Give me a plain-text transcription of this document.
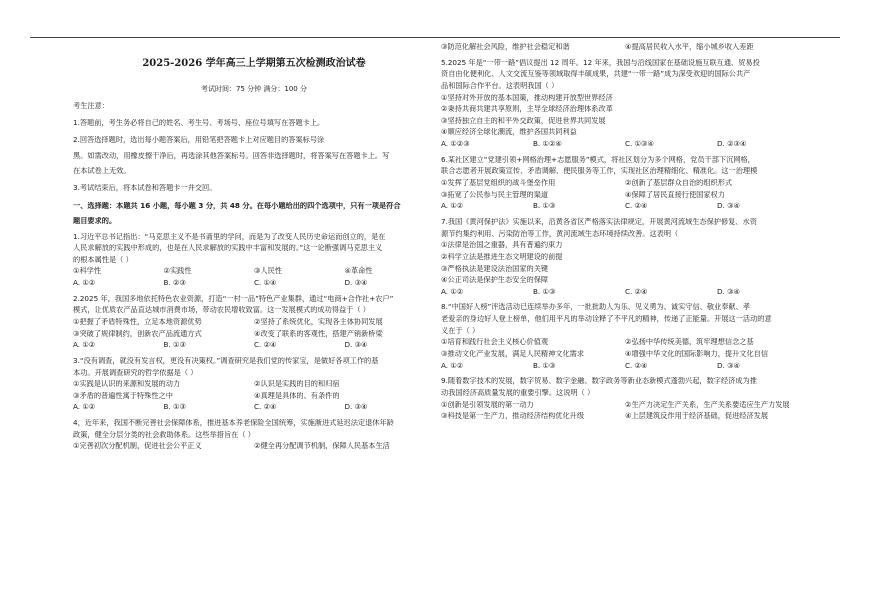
2025-2026 学年高三上学期第五次检测政治试卷
考试时间：75 分钟 满分：100 分

考生注意：

1.答题前，考生务必将自己的姓名、考生号、考场号、座位号填写在答题卡上。

2.回答选择题时，选出每小题答案后，用铅笔把答题卡上对应题目的答案标号涂

黑。如需改动，用橡皮擦干净后，再选涂其他答案标号。回答非选择题时，将答案写在答题卡上。写

在本试卷上无效。

3.考试结束后，将本试卷和答题卡一并交回。

一、选择题：本题共 16 小题，每小题 3 分，共 48 分。在每小题给出的四个选项中，只有一项是符合

题目要求的。

1.习近平总书记指出：“马克思主义不是书斋里的学问，而是为了改变人民历史命运而创立的，是在

人民求解放的实践中形成的，也是在人民求解放的实践中丰富和发展的。”这一论断强调马克思主义

的根本属性是（ ）

①科学性	②实践性	③人民性	④革命性
A. ①②	B. ②③	C. ①④	D. ③④

2.2025 年，我国多地依托特色农业资源，打造“一村一品”特色产业集群，通过“电商+合作社+农户”

模式，让优质农产品直达城市消费市场，带动农民增收致富。这一发展模式的成功得益于（ ）

①把握了矛盾特殊性，立足本地资源优势	②坚持了系统优化，实现各主体协同发展
③突破了规律制约，创新农产品流通方式	④改变了联系的客观性，搭建产销新桥梁
A. ①②	B. ①③	C. ②④	D. ③④

3.“没有调查，就没有发言权，更没有决策权。”调查研究是我们党的传家宝，是做好各项工作的基

本功。开展调查研究的哲学依据是（ ）

①实践是认识的来源和发展的动力	②认识是实践的目的和归宿
③矛盾的普遍性寓于特殊性之中	④真理是具体的、有条件的
A. ①②	B. ①③	C. ②④	D. ③④

4，近年来，我国不断完善社会保障体系，推进基本养老保险全国统筹，实施渐进式延迟法定退休年龄

政策，健全分层分类的社会救助体系。这些举措旨在（ ）

①完善初次分配机制，促进社会公平正义	②健全再分配调节机制，保障人民基本生活
③防范化解社会风险，维护社会稳定和谐	④提高居民收入水平，缩小城乡收入差距

5.2025 年是“一带一路”倡议提出 12 周年。12 年来，我国与沿线国家在基础设施互联互通、贸易投

资自由化便利化、人文交流互鉴等领域取得丰硕成果，共建“一带一路”成为深受欢迎的国际公共产

品和国际合作平台。这表明我国（ ）

①坚持对外开放的基本国策，推动构建开放型世界经济

②秉持共商共建共享原则，主导全球经济治理体系改革

③坚持独立自主的和平外交政策，促进世界共同发展

④顺应经济全球化潮流，维护各国共同利益

A. ①②③	B. ①②④	C. ①③④	D. ②③④

6.某社区建立“党建引领+网格治理+志愿服务”模式，将社区划分为多个网格，党员干部下沉网格，

联合志愿者开展政策宣传、矛盾调解、便民服务等工作，实现社区治理精细化、精准化。这一治理模

①发挥了基层党组织的战斗堡垒作用	②创新了基层群众自治的组织形式
③拓宽了公民参与民主管理的渠道	④保障了居民直接行使国家权力
A. ①②	B. ①③	C. ②④	D. ③④

7.我国《黄河保护法》实施以来，沿黄各省区严格落实法律规定，开展黄河流域生态保护修复、水资

源节约集约利用、污染防治等工作，黄河流域生态环境持续改善。这表明（

①法律是治国之重器，具有普遍约束力

②科学立法是推进生态文明建设的前提

③严格执法是建设法治国家的关键

④公正司法是保护生态安全的保障

A. ①②	B. ①③	C. ②④	D. ③④

8.“中国好人榜”评选活动已连续举办多年，一批批助人为乐、见义勇为、诚实守信、敬业奉献、孝

老爱亲的身边好人登上榜单，他们用平凡的举动诠释了不平凡的精神，传递了正能量。开展这一活动的意

义在于（ ）

①培育和践行社会主义核心价值观	②弘扬中华传统美德，筑牢理想信念之基
③推动文化产业发展，满足人民精神文化需求	④增强中华文化的国际影响力，提升文化自信
A. ①②	B. ①③	C. ②④	D. ③④

9.随着数字技术的发展，数字贸易、数字金融、数字政务等新业态新模式蓬勃兴起，数字经济成为推

动我国经济高质量发展的重要引擎。这说明（ ）

①创新是引领发展的第一动力	②生产力决定生产关系，生产关系要适应生产力发展
③科技是第一生产力，推动经济结构优化升级	④上层建筑反作用于经济基础，促进经济发展
